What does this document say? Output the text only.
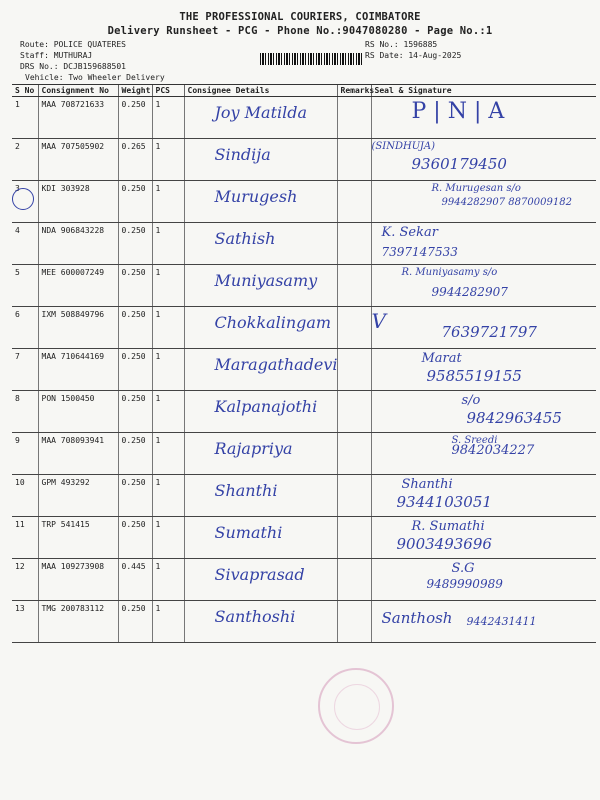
THE PROFESSIONAL COURIERS, COIMBATORE
Delivery Runsheet - PCG - Phone No.:9047080280 - Page No.:1
Route: POLICE QUATERES
Staff: MUTHURAJ
DRS No.: DCJB159688501
Vehicle: Two Wheeler Delivery
RS No.: 1596885
RS Date: 14-Aug-2025
S No	Consignment No	Weight	PCS	Consignee Details	Remarks	Seal & Signature
1	MAA 708721633	0.250	1	Joy Matilda		P | N | A

2	MAA 707505902	0.265	1	Sindija		(SINDHUJA)
9360179450

3	KDI 303928	0.250	1	Murugesh		R. Murugesan s/o
9944282907 8870009182

4	NDA 906843228	0.250	1	Sathish		K. Sekar
7397147533

5	MEE 600007249	0.250	1	Muniyasamy		R. Muniyasamy s/o
9944282907

6	IXM 508849796	0.250	1	Chokkalingam		V 7639721797

7	MAA 710644169	0.250	1	Maragathadevi		Marat
9585519155

8	PON 1500450	0.250	1	Kalpanajothi		s/o
9842963455

9	MAA 708093941	0.250	1	Rajapriya		S. Sreedi
9842034227

10	GPM 493292	0.250	1	Shanthi		Shanthi
9344103051

11	TRP 541415	0.250	1	Sumathi		R. Sumathi
9003493696

12	MAA 109273908	0.445	1	Sivaprasad		S.G
9489990989

13	TMG 200783112	0.250	1	Santhoshi		Santhosh 9442431411
